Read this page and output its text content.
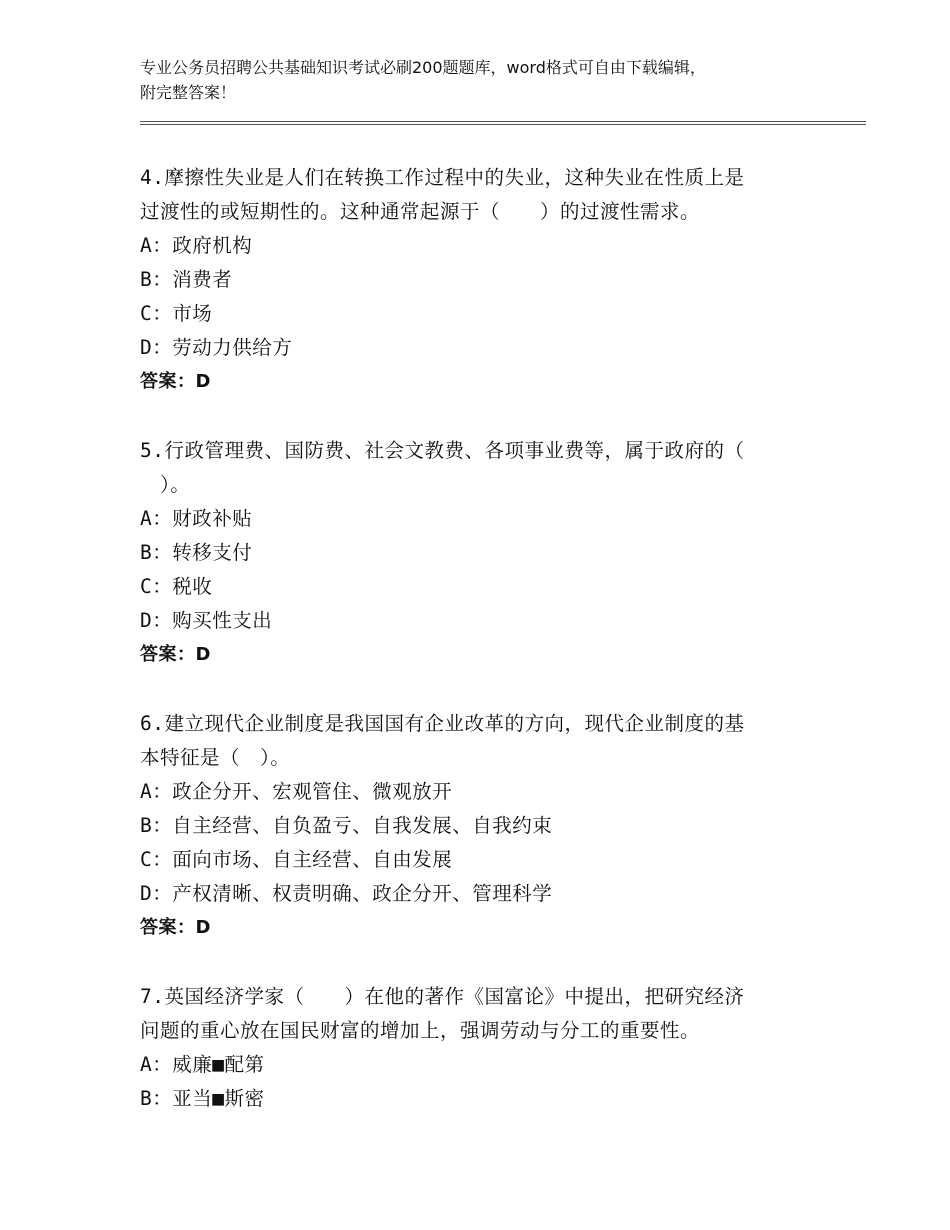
专业公务员招聘公共基础知识考试必刷200题题库，word格式可自由下载编辑，
附完整答案！

4.摩擦性失业是人们在转换工作过程中的失业，这种失业在性质上是

过渡性的或短期性的。这种通常起源于（　　）的过渡性需求。

A：政府机构

B：消费者

C：市场

D：劳动力供给方

答案：D

5.行政管理费、国防费、社会文教费、各项事业费等，属于政府的（

　）。

A：财政补贴

B：转移支付

C：税收

D：购买性支出

答案：D

6.建立现代企业制度是我国国有企业改革的方向，现代企业制度的基

本特征是（　）。

A：政企分开、宏观管住、微观放开

B：自主经营、自负盈亏、自我发展、自我约束

C：面向市场、自主经营、自由发展

D：产权清晰、权责明确、政企分开、管理科学

答案：D

7.英国经济学家（　　）在他的著作《国富论》中提出，把研究经济

问题的重心放在国民财富的增加上，强调劳动与分工的重要性。

A：威廉■配第

B：亚当■斯密
